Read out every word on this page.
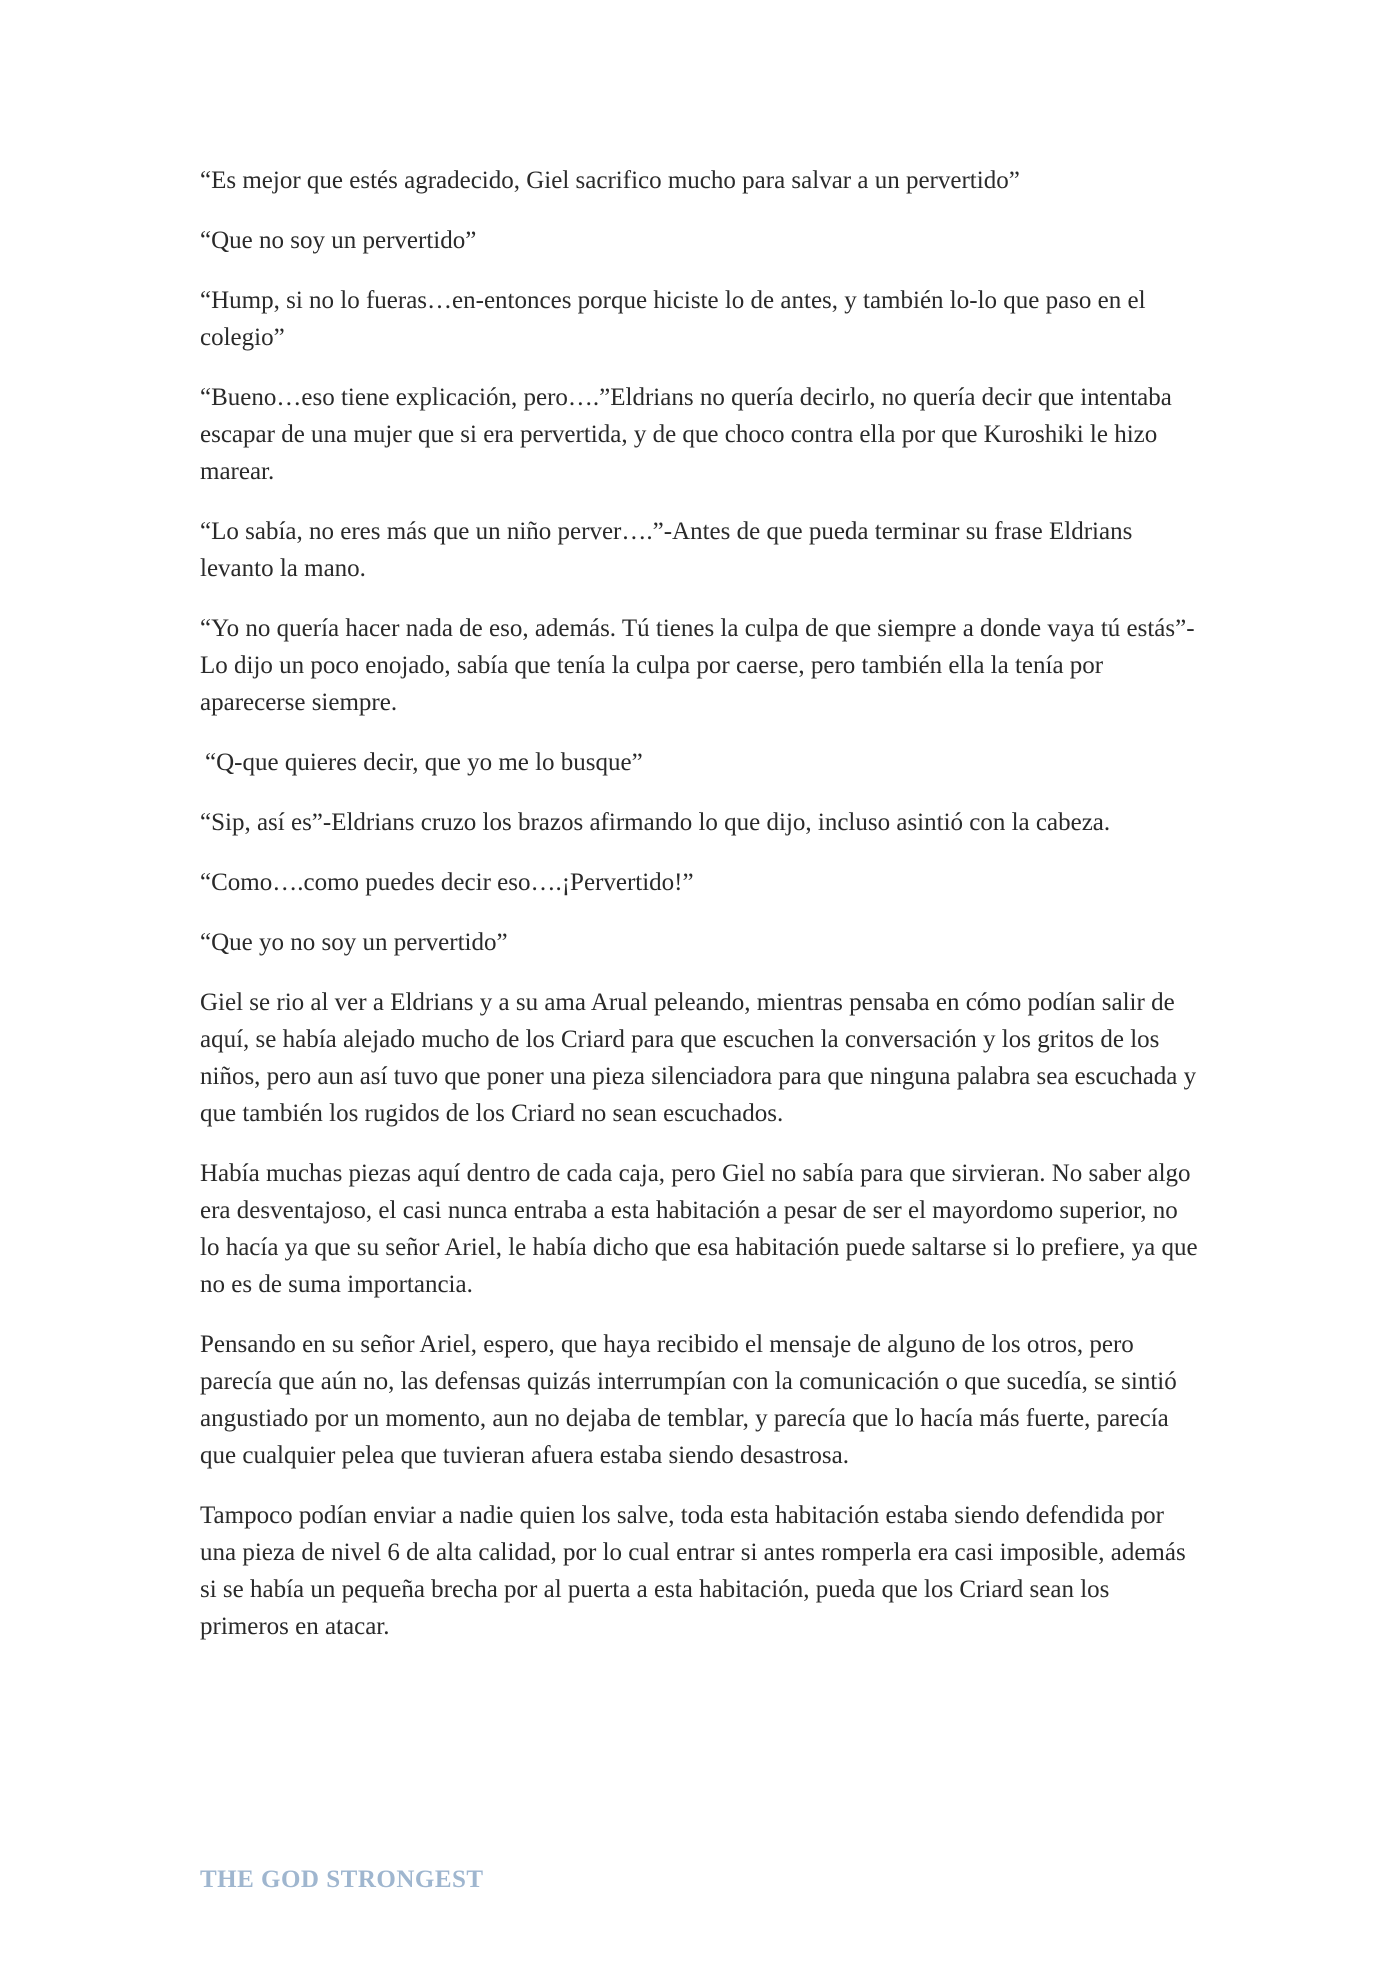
“Es mejor que estés agradecido, Giel sacrifico mucho para salvar a un pervertido”

“Que no soy un pervertido”

“Hump, si no lo fueras…en-entonces porque hiciste lo de antes, y también lo-lo que paso en el colegio”

“Bueno…eso tiene explicación, pero….”Eldrians no quería decirlo, no quería decir que intentaba escapar de una mujer que si era pervertida, y de que choco contra ella por que Kuroshiki le hizo marear.

“Lo sabía, no eres más que un niño perver….”-Antes de que pueda terminar su frase Eldrians levanto la mano.

“Yo no quería hacer nada de eso, además. Tú tienes la culpa de que siempre a donde vaya tú estás”-Lo dijo un poco enojado, sabía que tenía la culpa por caerse, pero también ella la tenía por aparecerse siempre.

“Q-que quieres decir, que yo me lo busque”

“Sip, así es”-Eldrians cruzo los brazos afirmando lo que dijo, incluso asintió con la cabeza.

“Como….como puedes decir eso….¡Pervertido!”

“Que yo no soy un pervertido”

Giel se rio al ver a Eldrians y a su ama Arual peleando, mientras pensaba en cómo podían salir de aquí, se había alejado mucho de los Criard para que escuchen la conversación y los gritos de los niños, pero aun así tuvo que poner una pieza silenciadora para que ninguna palabra sea escuchada y que también los rugidos de los Criard no sean escuchados.

Había muchas piezas aquí dentro de cada caja, pero Giel no sabía para que sirvieran. No saber algo era desventajoso, el casi nunca entraba a esta habitación a pesar de ser el mayordomo superior, no lo hacía ya que su señor Ariel, le había dicho que esa habitación puede saltarse si lo prefiere, ya que no es de suma importancia.

Pensando en su señor Ariel, espero, que haya recibido el mensaje de alguno de los otros, pero parecía que aún no, las defensas quizás interrumpían con la comunicación o que sucedía, se sintió angustiado por un momento, aun no dejaba de temblar, y parecía que lo hacía más fuerte, parecía que cualquier pelea que tuvieran afuera estaba siendo desastrosa.

Tampoco podían enviar a nadie quien los salve, toda esta habitación estaba siendo defendida por una pieza de nivel 6 de alta calidad, por lo cual entrar si antes romperla era casi imposible, además si se había un pequeña brecha por al puerta a esta habitación, pueda que los Criard sean los primeros en atacar.

THE GOD STRONGEST
